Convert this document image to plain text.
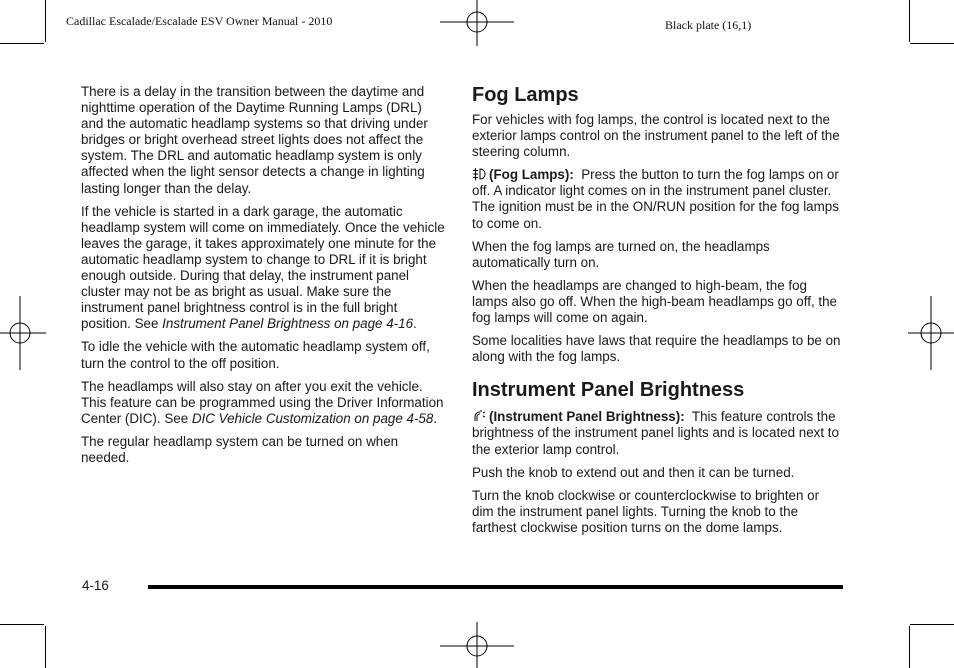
Cadillac Escalade/Escalade ESV Owner Manual - 2010	Black plate (16,1)

There is a delay in the transition between the daytime and nighttime operation of the Daytime Running Lamps (DRL) and the automatic headlamp systems so that driving under bridges or bright overhead street lights does not affect the system. The DRL and automatic headlamp system is only affected when the light sensor detects a change in lighting lasting longer than the delay.

If the vehicle is started in a dark garage, the automatic headlamp system will come on immediately. Once the vehicle leaves the garage, it takes approximately one minute for the automatic headlamp system to change to DRL if it is bright enough outside. During that delay, the instrument panel cluster may not be as bright as usual. Make sure the instrument panel brightness control is in the full bright position. See Instrument Panel Brightness on page 4-16.

To idle the vehicle with the automatic headlamp system off, turn the control to the off position.

The headlamps will also stay on after you exit the vehicle. This feature can be programmed using the Driver Information Center (DIC). See DIC Vehicle Customization on page 4-58.

The regular headlamp system can be turned on when needed.

Fog Lamps

For vehicles with fog lamps, the control is located next to the exterior lamps control on the instrument panel to the left of the steering column.

(Fog Lamps): Press the button to turn the fog lamps on or off. A indicator light comes on in the instrument panel cluster. The ignition must be in the ON/RUN position for the fog lamps to come on.

When the fog lamps are turned on, the headlamps automatically turn on.

When the headlamps are changed to high-beam, the fog lamps also go off. When the high-beam headlamps go off, the fog lamps will come on again.

Some localities have laws that require the headlamps to be on along with the fog lamps.

Instrument Panel Brightness

(Instrument Panel Brightness): This feature controls the brightness of the instrument panel lights and is located next to the exterior lamp control.

Push the knob to extend out and then it can be turned.

Turn the knob clockwise or counterclockwise to brighten or dim the instrument panel lights. Turning the knob to the farthest clockwise position turns on the dome lamps.

4-16
